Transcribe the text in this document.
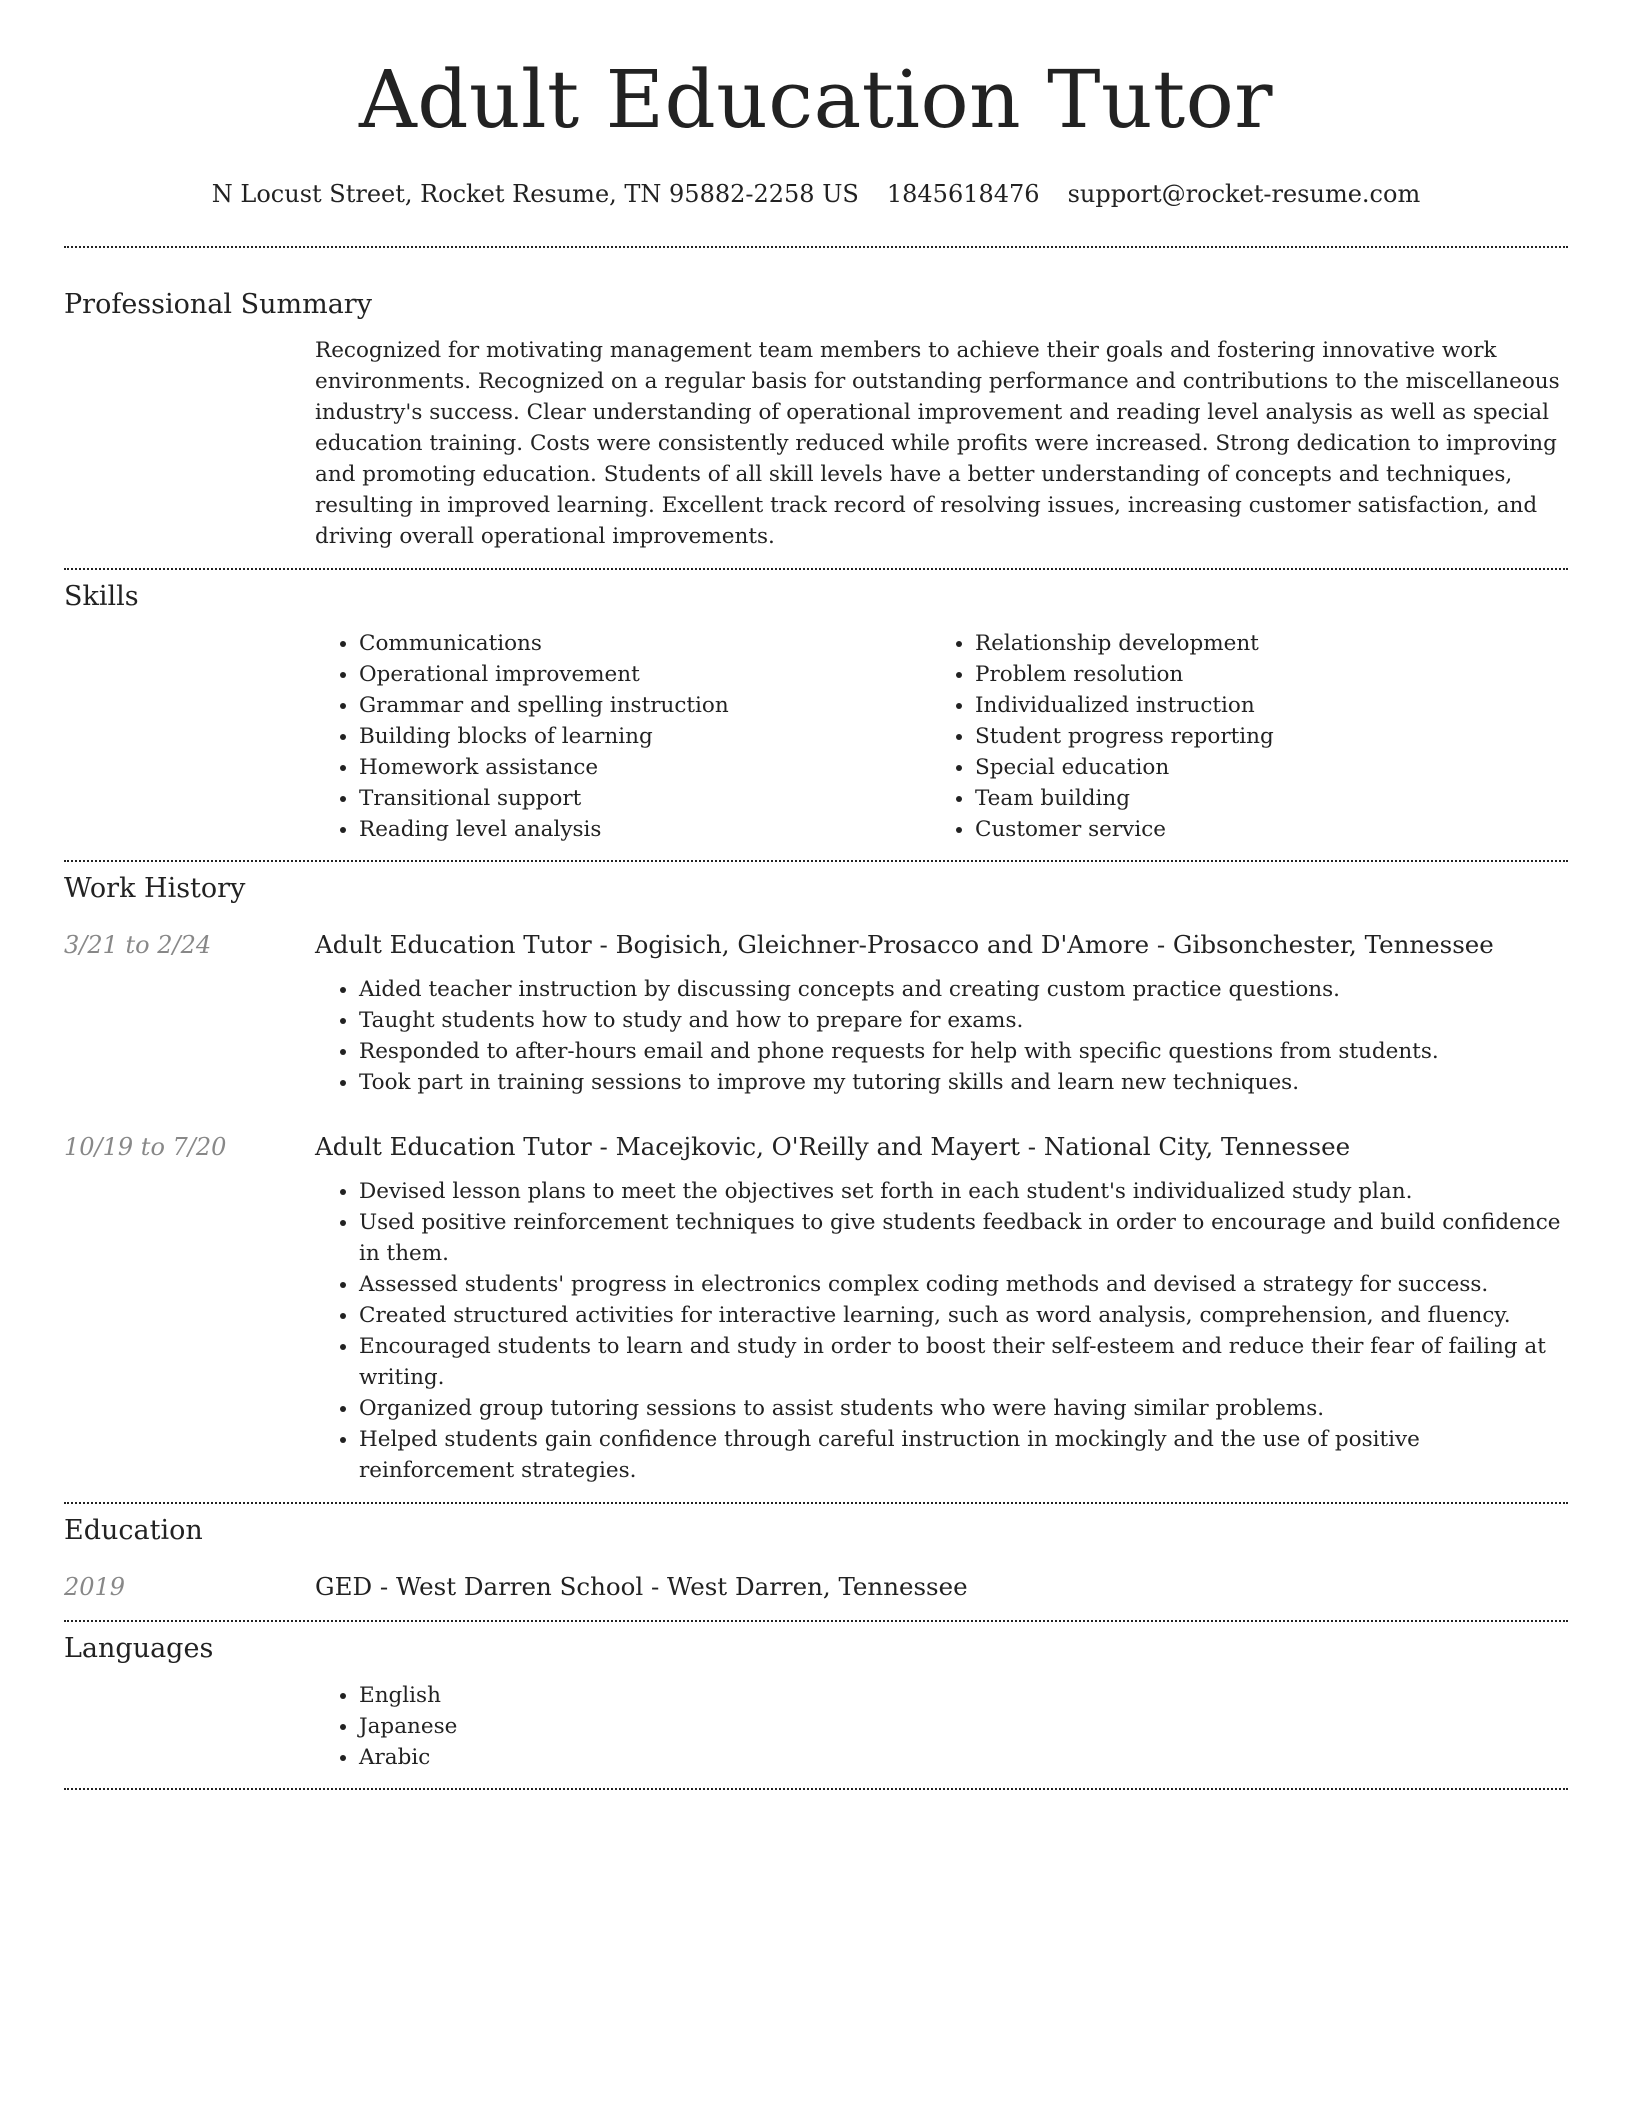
Adult Education Tutor
N Locust Street, Rocket Resume, TN 95882-2258 US 1845618476 support@rocket-resume.com
Professional Summary
Recognized for motivating management team members to achieve their goals and fostering innovative work environments. Recognized on a regular basis for outstanding performance and contributions to the miscellaneous industry's success. Clear understanding of operational improvement and reading level analysis as well as special education training. Costs were consistently reduced while profits were increased. Strong dedication to improving and promoting education. Students of all skill levels have a better understanding of concepts and techniques, resulting in improved learning. Excellent track record of resolving issues, increasing customer satisfaction, and driving overall operational improvements.
Skills
• Communications
• Operational improvement
• Grammar and spelling instruction
• Building blocks of learning
• Homework assistance
• Transitional support
• Reading level analysis
• Relationship development
• Problem resolution
• Individualized instruction
• Student progress reporting
• Special education
• Team building
• Customer service
Work History
3/21 to 2/24	Adult Education Tutor - Bogisich, Gleichner-Prosacco and D'Amore - Gibsonchester, Tennessee
• Aided teacher instruction by discussing concepts and creating custom practice questions.
• Taught students how to study and how to prepare for exams.
• Responded to after-hours email and phone requests for help with specific questions from students.
• Took part in training sessions to improve my tutoring skills and learn new techniques.
10/19 to 7/20	Adult Education Tutor - Macejkovic, O'Reilly and Mayert - National City, Tennessee
• Devised lesson plans to meet the objectives set forth in each student's individualized study plan.
• Used positive reinforcement techniques to give students feedback in order to encourage and build confidence in them.
• Assessed students' progress in electronics complex coding methods and devised a strategy for success.
• Created structured activities for interactive learning, such as word analysis, comprehension, and fluency.
• Encouraged students to learn and study in order to boost their self-esteem and reduce their fear of failing at writing.
• Organized group tutoring sessions to assist students who were having similar problems.
• Helped students gain confidence through careful instruction in mockingly and the use of positive reinforcement strategies.
Education
2019	GED - West Darren School - West Darren, Tennessee
Languages
• English
• Japanese
• Arabic
